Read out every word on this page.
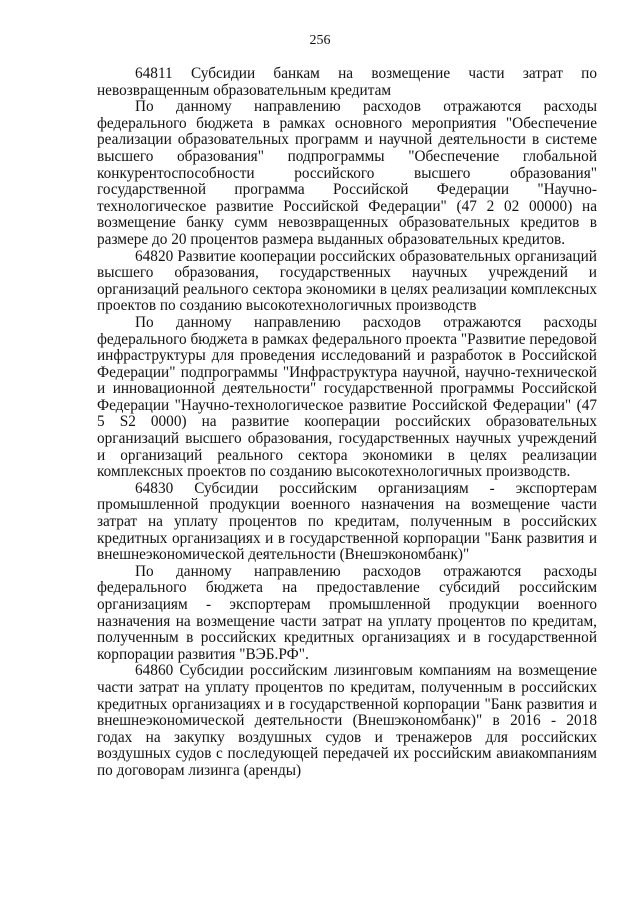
256

64811 Субсидии банкам на возмещение части затрат по невозвращенным образовательным кредитам

По данному направлению расходов отражаются расходы федерального бюджета в рамках основного мероприятия "Обеспечение реализации образовательных программ и научной деятельности в системе высшего образования" подпрограммы "Обеспечение глобальной конкурентоспособности российского высшего образования" государственной программа Российской Федерации "Научно-технологическое развитие Российской Федерации" (47 2 02 00000) на возмещение банку сумм невозвращенных образовательных кредитов в размере до 20 процентов размера выданных образовательных кредитов.

64820 Развитие кооперации российских образовательных организаций высшего образования, государственных научных учреждений и организаций реального сектора экономики в целях реализации комплексных проектов по созданию высокотехнологичных производств

По данному направлению расходов отражаются расходы федерального бюджета в рамках федерального проекта "Развитие передовой инфраструктуры для проведения исследований и разработок в Российской Федерации" подпрограммы "Инфраструктура научной, научно-технической и инновационной деятельности" государственной программы Российской Федерации "Научно-технологическое развитие Российской Федерации" (47 5 S2 0000) на развитие кооперации российских образовательных организаций высшего образования, государственных научных учреждений и организаций реального сектора экономики в целях реализации комплексных проектов по созданию высокотехнологичных производств.

64830 Субсидии российским организациям - экспортерам промышленной продукции военного назначения на возмещение части затрат на уплату процентов по кредитам, полученным в российских кредитных организациях и в государственной корпорации "Банк развития и внешнеэкономической деятельности (Внешэкономбанк)"

По данному направлению расходов отражаются расходы федерального бюджета на предоставление субсидий российским организациям - экспортерам промышленной продукции военного назначения на возмещение части затрат на уплату процентов по кредитам, полученным в российских кредитных организациях и в государственной корпорации развития "ВЭБ.РФ".

64860 Субсидии российским лизинговым компаниям на возмещение части затрат на уплату процентов по кредитам, полученным в российских кредитных организациях и в государственной корпорации "Банк развития и внешнеэкономической деятельности (Внешэкономбанк)" в 2016 - 2018 годах на закупку воздушных судов и тренажеров для российских воздушных судов с последующей передачей их российским авиакомпаниям по договорам лизинга (аренды)
